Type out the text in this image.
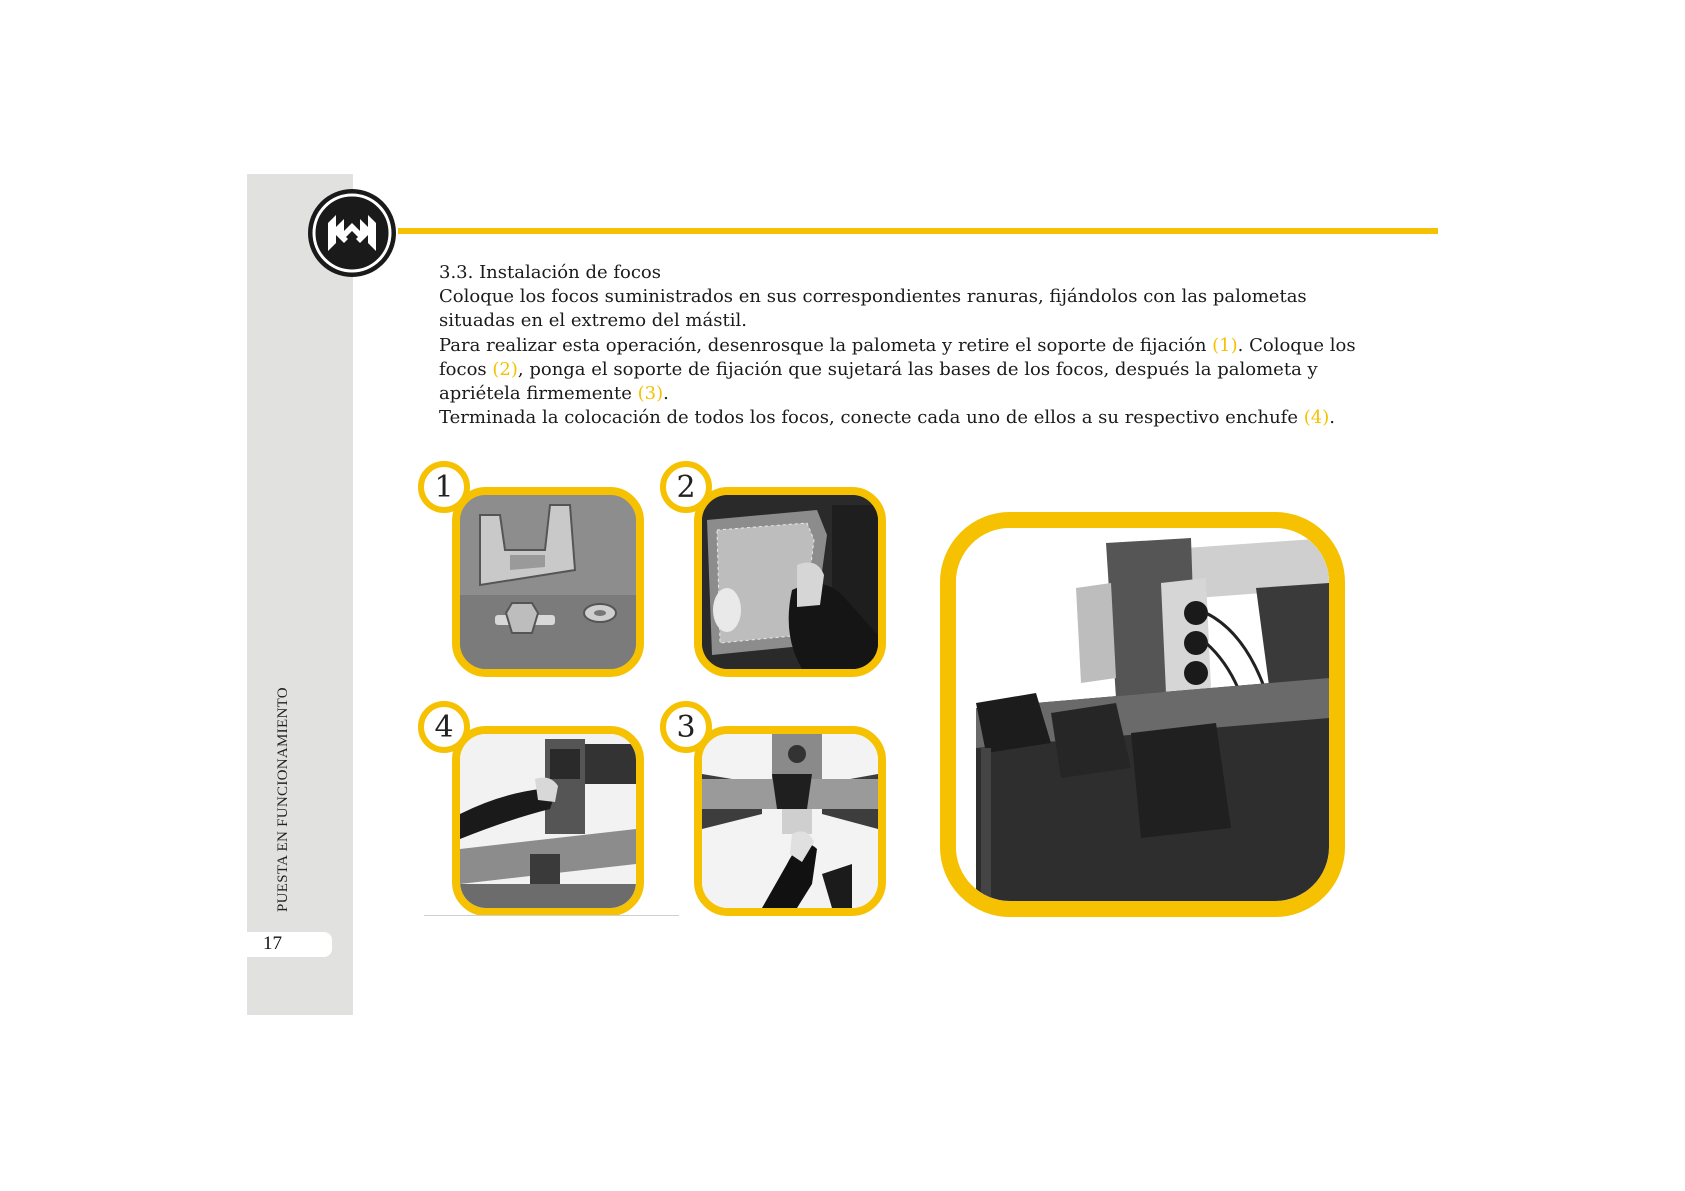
PUESTA EN FUNCIONAMIENTO
17

3.3. Instalación de focos

Coloque los focos suministrados en sus correspondientes ranuras, fijándolos con las palometas situadas en el extremo del mástil.

Para realizar esta operación, desenrosque la palometa y retire el soporte de fijación (1). Coloque los focos (2), ponga el soporte de fijación que sujetará las bases de los focos, después la palometa y apriételа firmemente (3).

Terminada la colocación de todos los focos, conecte cada uno de ellos a su respectivo enchufe (4).

1	2
4	3
